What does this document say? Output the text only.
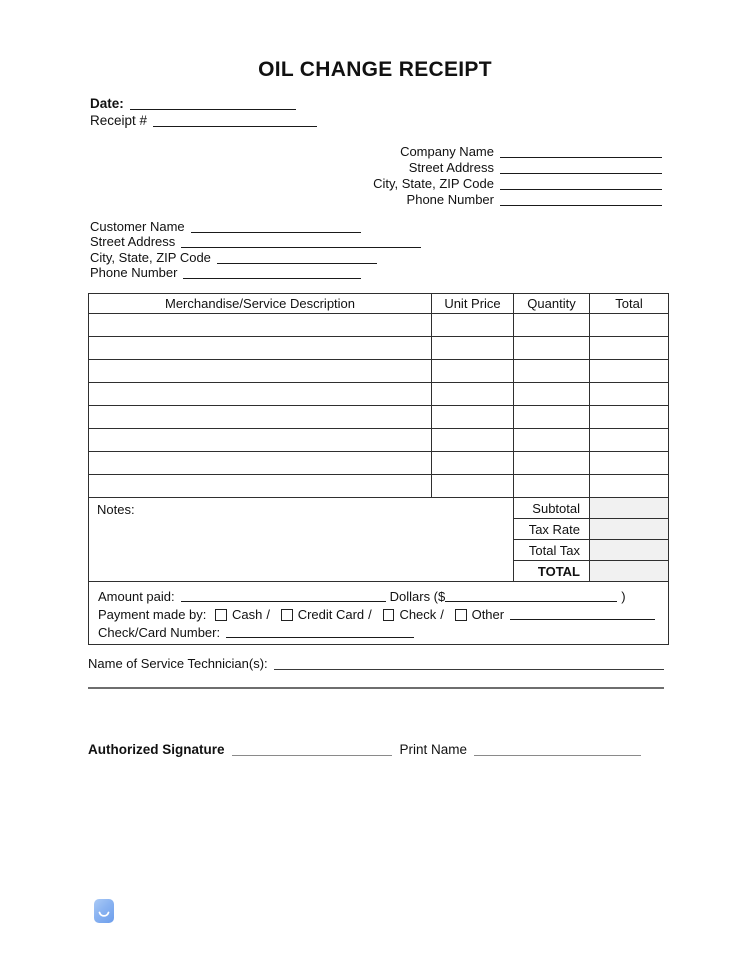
OIL CHANGE RECEIPT
Date:
Receipt #
Company Name
Street Address
City, State, ZIP Code
Phone Number
Customer Name
Street Address
City, State, ZIP Code
Phone Number
Merchandise/Service Description	Unit Price	Quantity	Total

Notes:		Subtotal	
		Tax Rate	
		Total Tax	
		TOTAL	

Amount paid:	Dollars ($	)
Payment made by: Cash / Credit Card / Check / Other
Check/Card Number:
Name of Service Technician(s):
Authorized Signature	Print Name
